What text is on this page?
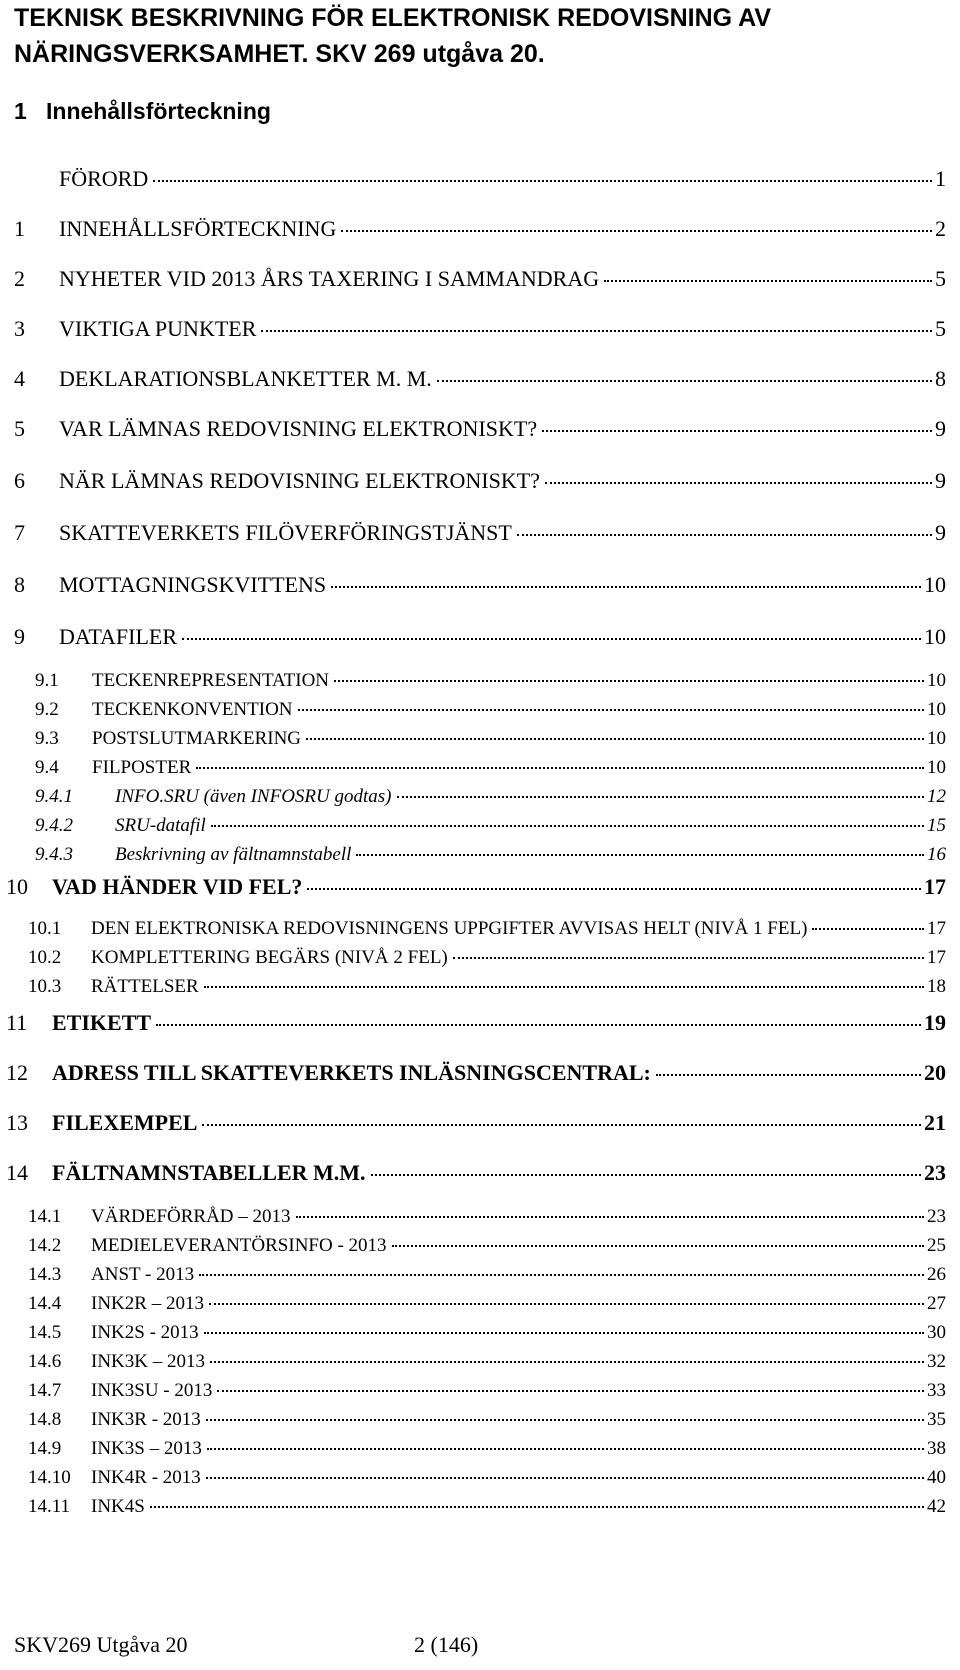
TEKNISK BESKRIVNING FÖR ELEKTRONISK REDOVISNING AV
NÄRINGSVERKSAMHET. SKV 269 utgåva 20.
1 Innehållsförteckning
FÖRORD	1
1	INNEHÅLLSFÖRTECKNING	2
2	NYHETER VID 2013 ÅRS TAXERING I SAMMANDRAG	5
3	VIKTIGA PUNKTER	5
4	DEKLARATIONSBLANKETTER M. M.	8
5	VAR LÄMNAS REDOVISNING ELEKTRONISKT?	9
6	NÄR LÄMNAS REDOVISNING ELEKTRONISKT?	9
7	SKATTEVERKETS FILÖVERFÖRINGSTJÄNST	9
8	MOTTAGNINGSKVITTENS	10
9	DATAFILER	10
9.1	TECKENREPRESENTATION	10
9.2	TECKENKONVENTION	10
9.3	POSTSLUTMARKERING	10
9.4	FILPOSTER	10
9.4.1	INFO.SRU (även INFOSRU godtas)	12
9.4.2	SRU-datafil	15
9.4.3	Beskrivning av fältnamnstabell	16
10	VAD HÄNDER VID FEL?	17
10.1	DEN ELEKTRONISKA REDOVISNINGENS UPPGIFTER AVVISAS HELT (NIVÅ 1 FEL)	17
10.2	KOMPLETTERING BEGÄRS (NIVÅ 2 FEL)	17
10.3	RÄTTELSER	18
11	ETIKETT	19
12	ADRESS TILL SKATTEVERKETS INLÄSNINGSCENTRAL:	20
13	FILEXEMPEL	21
14	FÄLTNAMNSTABELLER M.M.	23
14.1	VÄRDEFÖRRÅD – 2013	23
14.2	MEDIELEVERANTÖRSINFO - 2013	25
14.3	ANST - 2013	26
14.4	INK2R – 2013	27
14.5	INK2S - 2013	30
14.6	INK3K – 2013	32
14.7	INK3SU - 2013	33
14.8	INK3R - 2013	35
14.9	INK3S – 2013	38
14.10	INK4R - 2013	40
14.11	INK4S	42
SKV269 Utgåva 20	2 (146)
